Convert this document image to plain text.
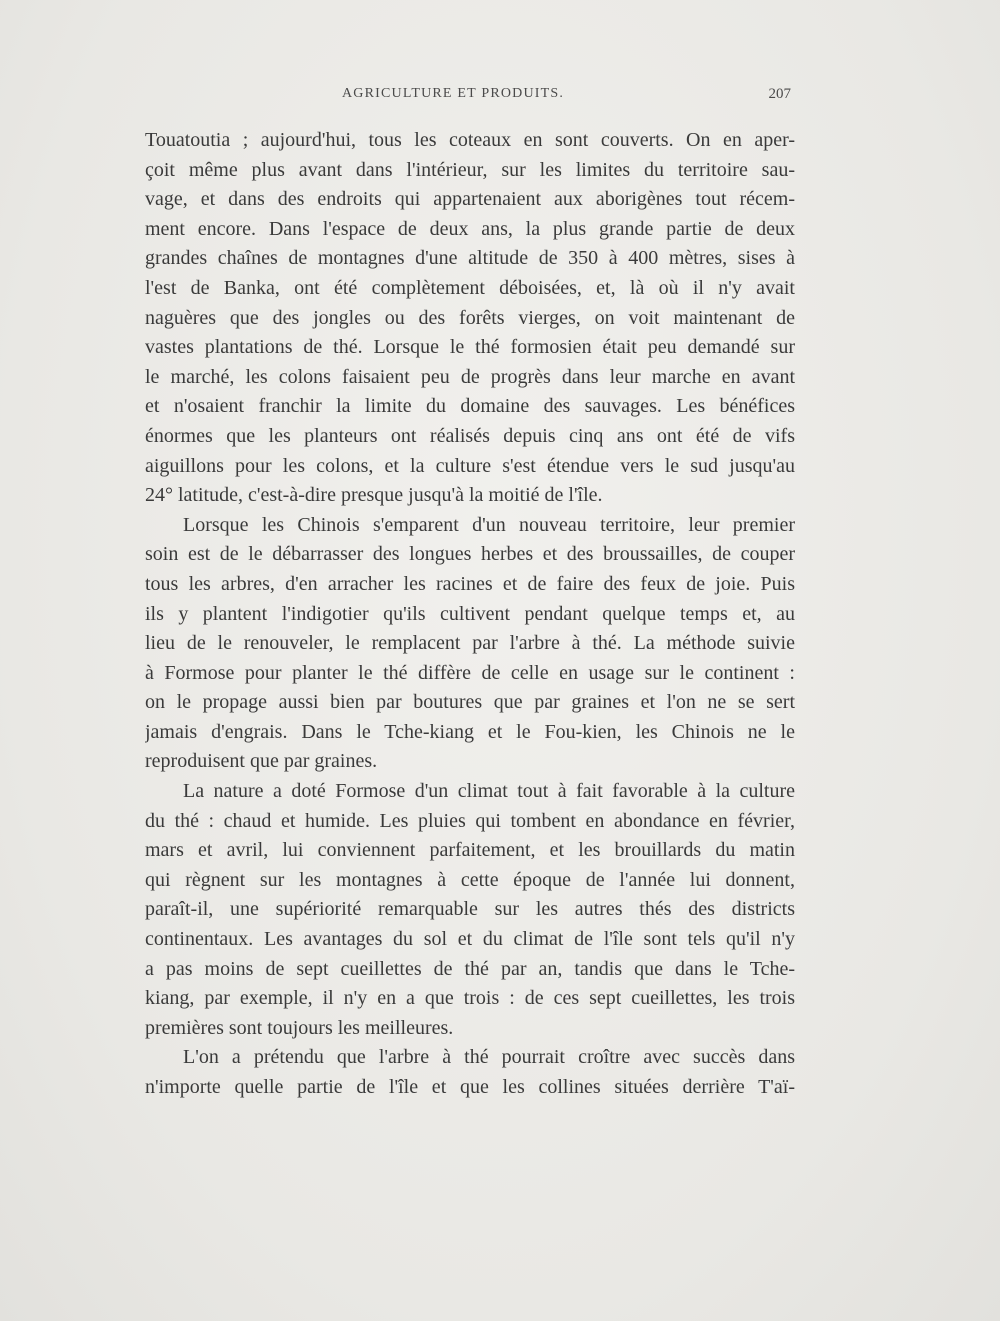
AGRICULTURE ET PRODUITS.	207
Touatoutia ; aujourd'hui, tous les coteaux en sont couverts. On en aper-
çoit même plus avant dans l'intérieur, sur les limites du territoire sau-
vage, et dans des endroits qui appartenaient aux aborigènes tout récem-
ment encore. Dans l'espace de deux ans, la plus grande partie de deux
grandes chaînes de montagnes d'une altitude de 350 à 400 mètres, sises à
l'est de Banka, ont été complètement déboisées, et, là où il n'y avait
naguères que des jongles ou des forêts vierges, on voit maintenant de
vastes plantations de thé. Lorsque le thé formosien était peu demandé sur
le marché, les colons faisaient peu de progrès dans leur marche en avant
et n'osaient franchir la limite du domaine des sauvages. Les bénéfices
énormes que les planteurs ont réalisés depuis cinq ans ont été de vifs
aiguillons pour les colons, et la culture s'est étendue vers le sud jusqu'au
24° latitude, c'est-à-dire presque jusqu'à la moitié de l'île.
Lorsque les Chinois s'emparent d'un nouveau territoire, leur premier
soin est de le débarrasser des longues herbes et des broussailles, de couper
tous les arbres, d'en arracher les racines et de faire des feux de joie. Puis
ils y plantent l'indigotier qu'ils cultivent pendant quelque temps et, au
lieu de le renouveler, le remplacent par l'arbre à thé. La méthode suivie
à Formose pour planter le thé diffère de celle en usage sur le continent :
on le propage aussi bien par boutures que par graines et l'on ne se sert
jamais d'engrais. Dans le Tche-kiang et le Fou-kien, les Chinois ne le
reproduisent que par graines.
La nature a doté Formose d'un climat tout à fait favorable à la culture
du thé : chaud et humide. Les pluies qui tombent en abondance en février,
mars et avril, lui conviennent parfaitement, et les brouillards du matin
qui règnent sur les montagnes à cette époque de l'année lui donnent,
paraît-il, une supériorité remarquable sur les autres thés des districts
continentaux. Les avantages du sol et du climat de l'île sont tels qu'il n'y
a pas moins de sept cueillettes de thé par an, tandis que dans le Tche-
kiang, par exemple, il n'y en a que trois : de ces sept cueillettes, les trois
premières sont toujours les meilleures.
L'on a prétendu que l'arbre à thé pourrait croître avec succès dans
n'importe quelle partie de l'île et que les collines situées derrière T'aï-
